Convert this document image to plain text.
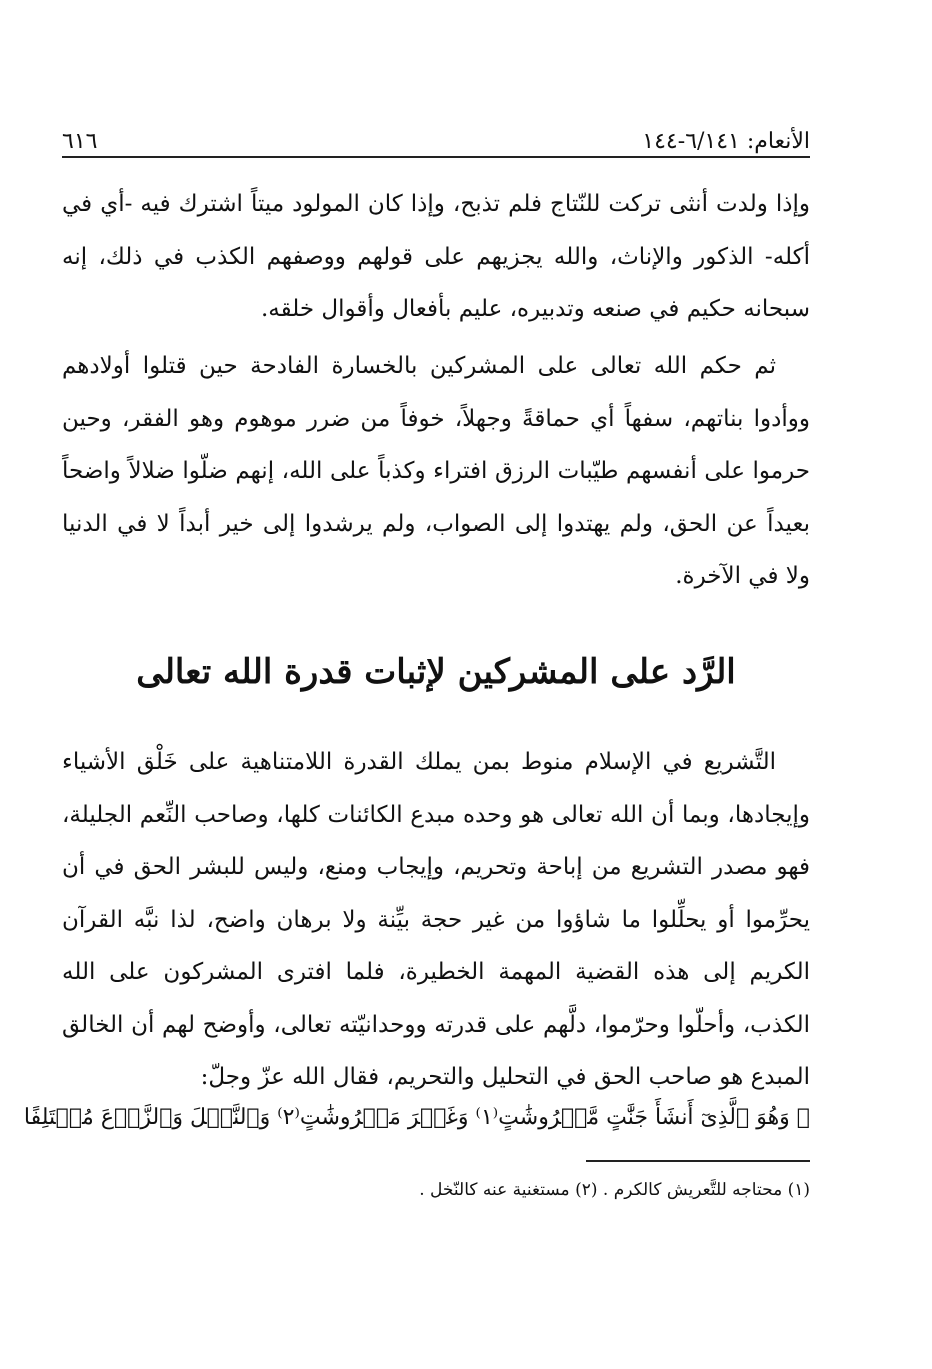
الأنعام: ٦/١٤١-١٤٤
٦١٦

وإذا ولدت أنثى تركت للنّتاج فلم تذبح، وإذا كان المولود ميتاً اشترك فيه -أي في أكله- الذكور والإناث، والله يجزيهم على قولهم ووصفهم الكذب في ذلك، إنه سبحانه حكيم في صنعه وتدبيره، عليم بأفعال وأقوال خلقه.

ثم حكم الله تعالى على المشركين بالخسارة الفادحة حين قتلوا أولادهم ووأدوا بناتهم، سفهاً أي حماقةً وجهلاً، خوفاً من ضرر موهوم وهو الفقر، وحين حرموا على أنفسهم طيّبات الرزق افتراء وكذباً على الله، إنهم ضلّوا ضلالاً واضحاً بعيداً عن الحق، ولم يهتدوا إلى الصواب، ولم يرشدوا إلى خير أبداً لا في الدنيا ولا في الآخرة.

الرَّد على المشركين لإثبات قدرة الله تعالى

التَّشريع في الإسلام منوط بمن يملك القدرة اللامتناهية على خَلْق الأشياء وإيجادها، وبما أن الله تعالى هو وحده مبدع الكائنات كلها، وصاحب النِّعم الجليلة، فهو مصدر التشريع من إباحة وتحريم، وإيجاب ومنع، وليس للبشر الحق في أن يحرِّموا أو يحلِّلوا ما شاؤوا من غير حجة بيِّنة ولا برهان واضح، لذا نبَّه القرآن الكريم إلى هذه القضية المهمة الخطيرة، فلما افترى المشركون على الله الكذب، وأحلّوا وحرّموا، دلَّهم على قدرته ووحدانيّته تعالى، وأوضح لهم أن الخالق المبدع هو صاحب الحق في التحليل والتحريم، فقال الله عزّ وجلّ:

﴿ وَهُوَ ٱلَّذِىٓ أَنشَأَ جَنَّٰتٍ مَّعۡرُوشَٰتٍ⁽١⁾ وَغَيۡرَ مَعۡرُوشَٰتٍ⁽٢⁾ وَٱلنَّخۡلَ وَٱلزَّرۡعَ مُخۡتَلِفًا
(١) محتاجه للتَّعريش كالكرم . (٢) مستغنية عنه كالنّخل .
